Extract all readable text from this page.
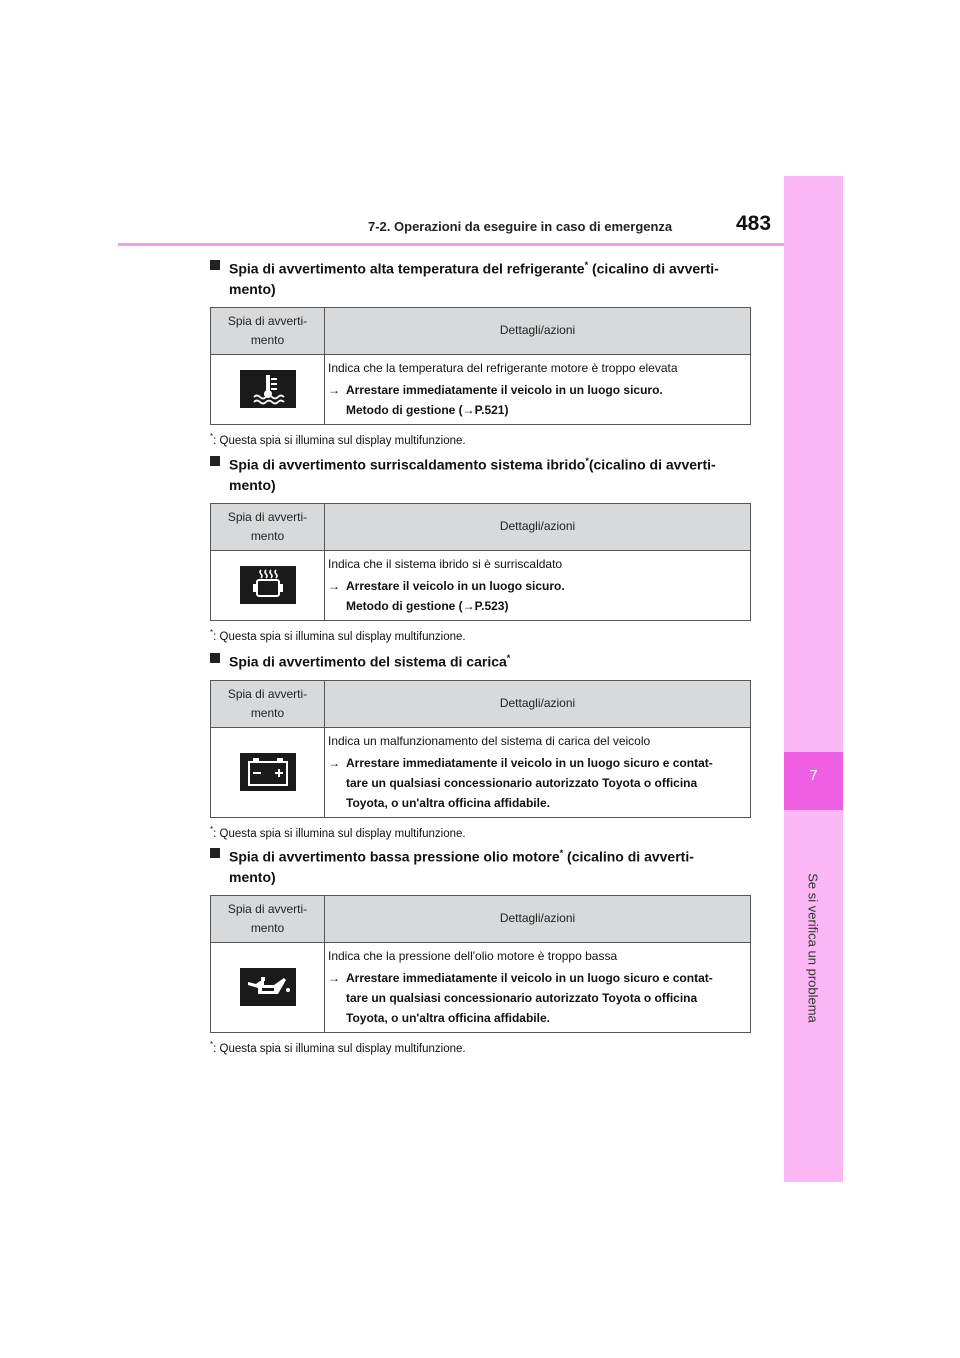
7
Se si verifica un problema
7-2. Operazioni da eseguire in caso di emergenza	483

Spia di avvertimento alta temperatura del refrigerante* (cicalino di avverti-
mento)

Spia di avverti-
mento	Dettagli/azioni

Indica che la temperatura del refrigerante motore è troppo elevata
→ Arrestare immediatamente il veicolo in un luogo sicuro.
Metodo di gestione (→P.521)
*: Questa spia si illumina sul display multifunzione.

Spia di avvertimento surriscaldamento sistema ibrido*(cicalino di avverti-
mento)

Spia di avverti-
mento	Dettagli/azioni

Indica che il sistema ibrido si è surriscaldato
→ Arrestare il veicolo in un luogo sicuro.
Metodo di gestione (→P.523)
*: Questa spia si illumina sul display multifunzione.

Spia di avvertimento del sistema di carica*

Spia di avverti-
mento	Dettagli/azioni

Indica un malfunzionamento del sistema di carica del veicolo
→ Arrestare immediatamente il veicolo in un luogo sicuro e contat-
tare un qualsiasi concessionario autorizzato Toyota o officina
Toyota, o un'altra officina affidabile.
*: Questa spia si illumina sul display multifunzione.

Spia di avvertimento bassa pressione olio motore* (cicalino di avverti-
mento)

Spia di avverti-
mento	Dettagli/azioni

Indica che la pressione dell'olio motore è troppo bassa
→ Arrestare immediatamente il veicolo in un luogo sicuro e contat-
tare un qualsiasi concessionario autorizzato Toyota o officina
Toyota, o un'altra officina affidabile.
*: Questa spia si illumina sul display multifunzione.
